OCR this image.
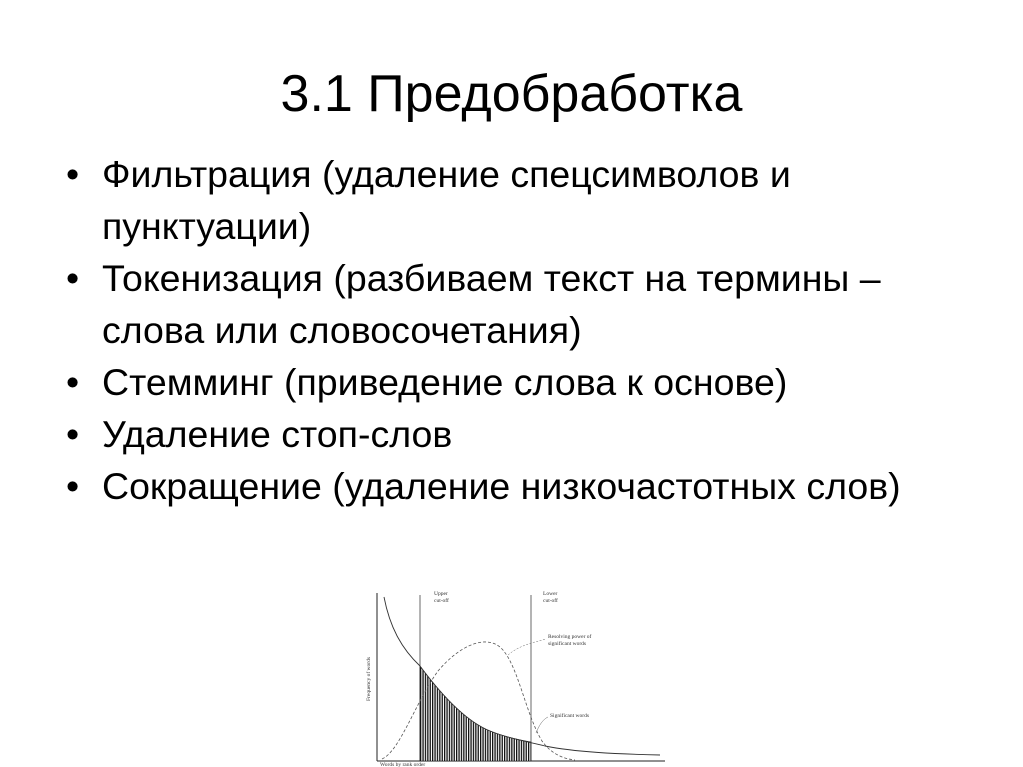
3.1 Предобработка
• Фильтрация (удаление спецсимволов и пунктуации)
• Токенизация (разбиваем текст на термины – слова или словосочетания)
• Стемминг (приведение слова к основе)
• Удаление стоп-слов
• Сокращение (удаление низкочастотных слов)
Upper
cut-off
Lower
cut-off
Resolving power of
significant words
Significant words
Frequency of words
Words by rank order
